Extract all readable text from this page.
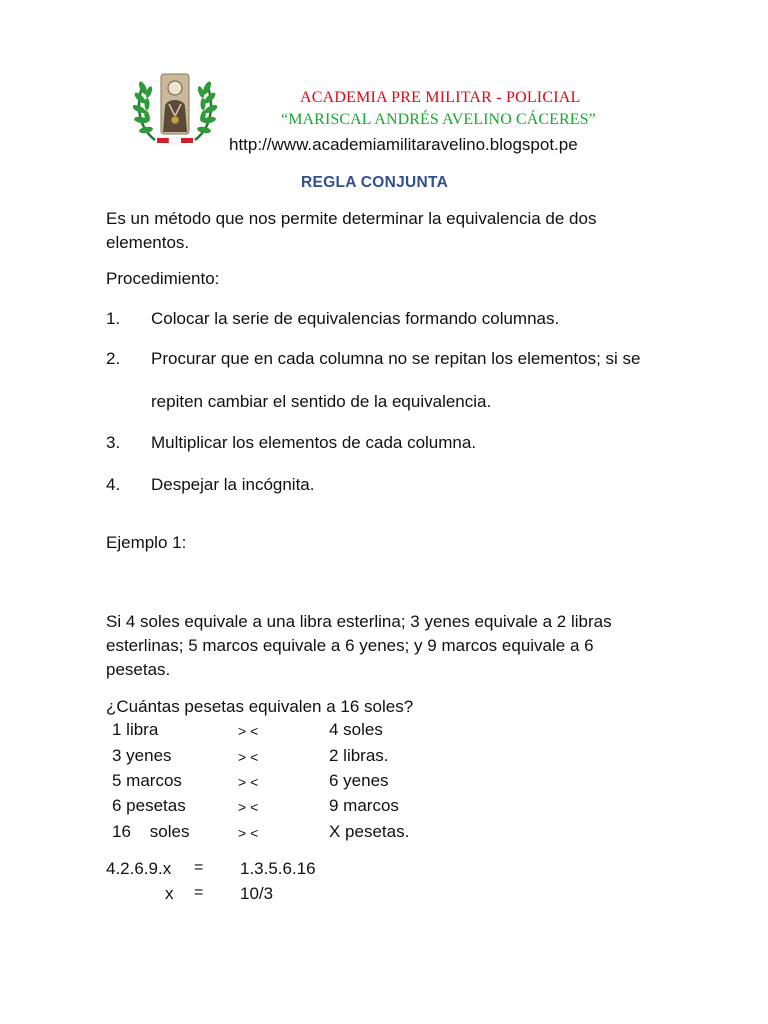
ACADEMIA PRE MILITAR - POLICIAL
“MARISCAL ANDRÉS AVELINO CÁCERES”
http://www.academiamilitaravelino.blogspot.pe
REGLA CONJUNTA
Es un método que nos permite determinar la equivalencia de dos
elementos.
Procedimiento:
1. Colocar la serie de equivalencias formando columnas.
2. Procurar que en cada columna no se repitan los elementos; si se
repiten cambiar el sentido de la equivalencia.
3. Multiplicar los elementos de cada columna.
4. Despejar la incógnita.
Ejemplo 1:
Si 4 soles equivale a una libra esterlina; 3 yenes equivale a 2 libras
esterlinas; 5 marcos equivale a 6 yenes; y 9 marcos equivale a 6
pesetas.
¿Cuántas pesetas equivalen a 16 soles?
1 libra	> <	4 soles
3 yenes	> <	2 libras.
5 marcos	> <	6 yenes
6 pesetas	> <	9 marcos
16    soles	> <	X pesetas.
4.2.6.9.x = 1.3.5.6.16
x = 10/3
